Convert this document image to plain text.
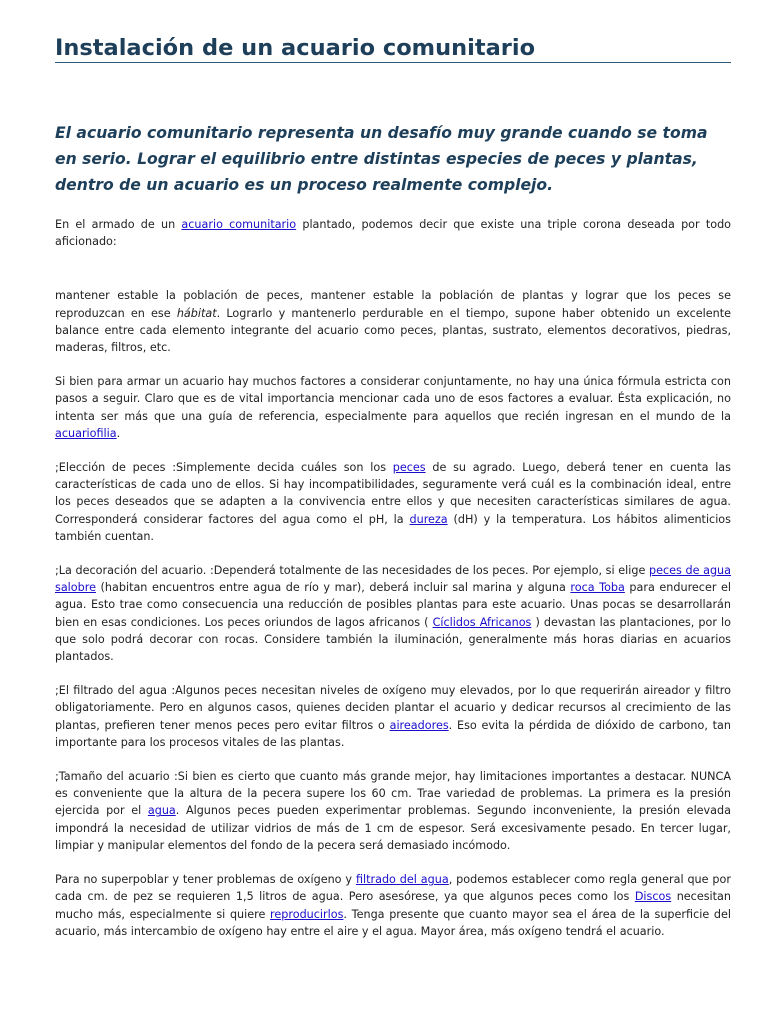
Instalación de un acuario comunitario

El acuario comunitario representa un desafío muy grande cuando se toma en serio. Lograr el equilibrio entre distintas especies de peces y plantas, dentro de un acuario es un proceso realmente complejo.

En el armado de un acuario comunitario plantado, podemos decir que existe una triple corona deseada por todo aficionado:

mantener estable la población de peces, mantener estable la población de plantas y lograr que los peces se reproduzcan en ese hábitat. Lograrlo y mantenerlo perdurable en el tiempo, supone haber obtenido un excelente balance entre cada elemento integrante del acuario como peces, plantas, sustrato, elementos decorativos, piedras, maderas, filtros, etc.

Si bien para armar un acuario hay muchos factores a considerar conjuntamente, no hay una única fórmula estricta con pasos a seguir. Claro que es de vital importancia mencionar cada uno de esos factores a evaluar. Ésta explicación, no intenta ser más que una guía de referencia, especialmente para aquellos que recién ingresan en el mundo de la acuariofilia.

;Elección de peces :Simplemente decida cuáles son los peces de su agrado. Luego, deberá tener en cuenta las características de cada uno de ellos. Si hay incompatibilidades, seguramente verá cuál es la combinación ideal, entre los peces deseados que se adapten a la convivencia entre ellos y que necesiten características similares de agua. Corresponderá considerar factores del agua como el pH, la dureza (dH) y la temperatura. Los hábitos alimenticios también cuentan.

;La decoración del acuario. :Dependerá totalmente de las necesidades de los peces. Por ejemplo, si elige peces de agua salobre (habitan encuentros entre agua de río y mar), deberá incluir sal marina y alguna roca Toba para endurecer el agua. Esto trae como consecuencia una reducción de posibles plantas para este acuario. Unas pocas se desarrollarán bien en esas condiciones. Los peces oriundos de lagos africanos ( Cíclidos Africanos ) devastan las plantaciones, por lo que solo podrá decorar con rocas. Considere también la iluminación, generalmente más horas diarias en acuarios plantados.

;El filtrado del agua :Algunos peces necesitan niveles de oxígeno muy elevados, por lo que requerirán aireador y filtro obligatoriamente. Pero en algunos casos, quienes deciden plantar el acuario y dedicar recursos al crecimiento de las plantas, prefieren tener menos peces pero evitar filtros o aireadores. Eso evita la pérdida de dióxido de carbono, tan importante para los procesos vitales de las plantas.

;Tamaño del acuario :Si bien es cierto que cuanto más grande mejor, hay limitaciones importantes a destacar. NUNCA es conveniente que la altura de la pecera supere los 60 cm. Trae variedad de problemas. La primera es la presión ejercida por el agua. Algunos peces pueden experimentar problemas. Segundo inconveniente, la presión elevada impondrá la necesidad de utilizar vidrios de más de 1 cm de espesor. Será excesivamente pesado. En tercer lugar, limpiar y manipular elementos del fondo de la pecera será demasiado incómodo.

Para no superpoblar y tener problemas de oxígeno y filtrado del agua, podemos establecer como regla general que por cada cm. de pez se requieren 1,5 litros de agua. Pero asesórese, ya que algunos peces como los Discos necesitan mucho más, especialmente si quiere reproducirlos. Tenga presente que cuanto mayor sea el área de la superficie del acuario, más intercambio de oxígeno hay entre el aire y el agua. Mayor área, más oxígeno tendrá el acuario.
